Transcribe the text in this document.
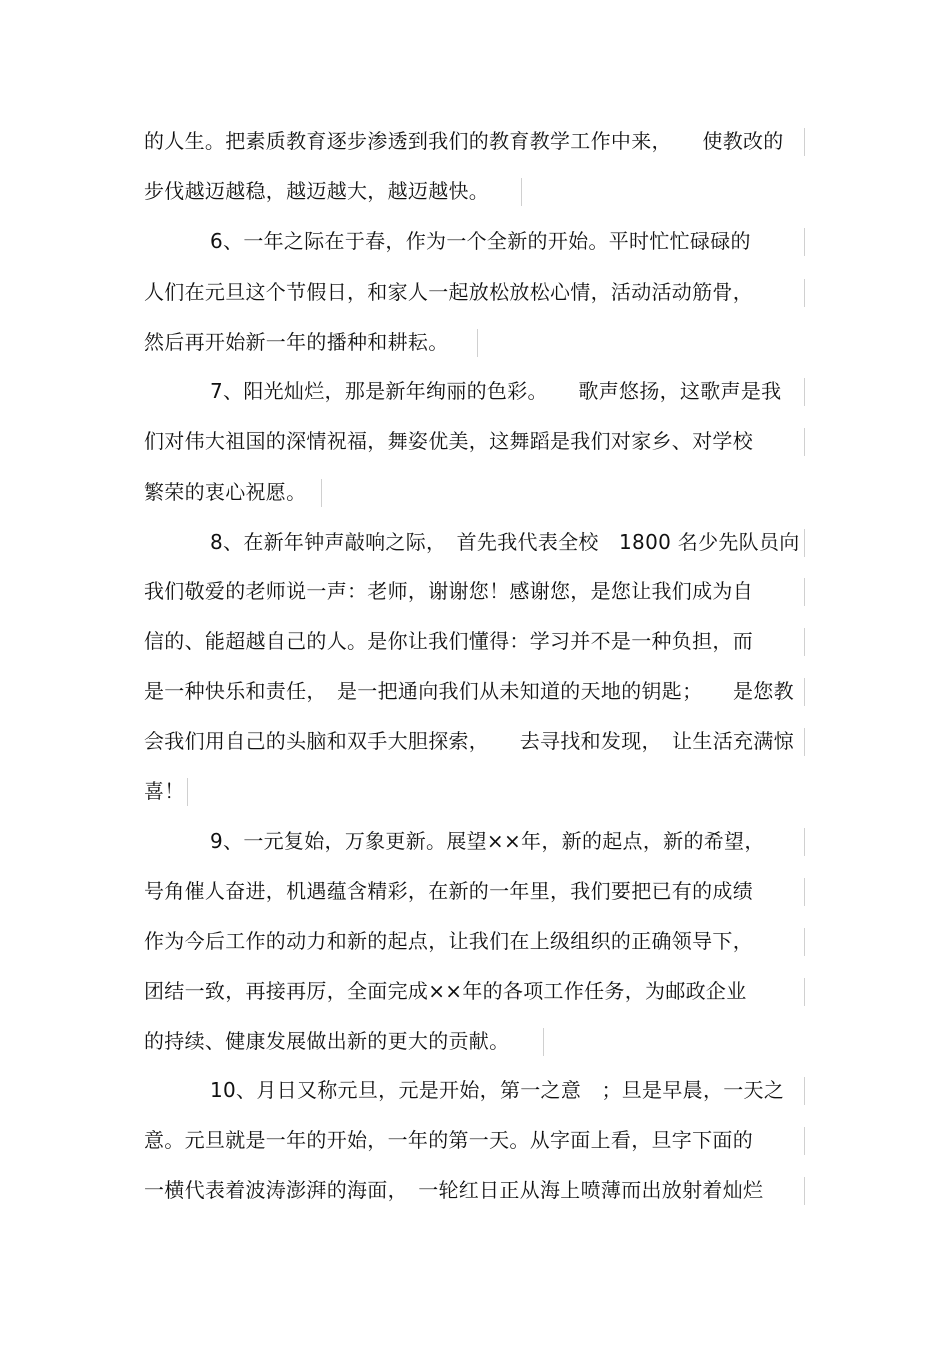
的人生。把素质教育逐步渗透到我们的教育教学工作中来，　　使教改的
步伐越迈越稳，越迈越大，越迈越快。
6、一年之际在于春，作为一个全新的开始。平时忙忙碌碌的
人们在元旦这个节假日，和家人一起放松放松心情，活动活动筋骨，
然后再开始新一年的播种和耕耘。
7、阳光灿烂，那是新年绚丽的色彩。　　歌声悠扬，这歌声是我
们对伟大祖国的深情祝福，舞姿优美，这舞蹈是我们对家乡、对学校
繁荣的衷心祝愿。
8、在新年钟声敲响之际，　首先我代表全校　1800 名少先队员向
我们敬爱的老师说一声：老师，谢谢您！感谢您，是您让我们成为自
信的、能超越自己的人。是你让我们懂得：学习并不是一种负担，而
是一种快乐和责任，　是一把通向我们从未知道的天地的钥匙；　　是您教
会我们用自己的头脑和双手大胆探索，　　去寻找和发现，　让生活充满惊
喜！
9、一元复始，万象更新。展望××年，新的起点，新的希望，
号角催人奋进，机遇蕴含精彩，在新的一年里，我们要把已有的成绩
作为今后工作的动力和新的起点，让我们在上级组织的正确领导下，
团结一致，再接再厉，全面完成××年的各项工作任务，为邮政企业
的持续、健康发展做出新的更大的贡献。
10、月日又称元旦，元是开始，第一之意　；旦是早晨，一天之
意。元旦就是一年的开始，一年的第一天。从字面上看，旦字下面的
一横代表着波涛澎湃的海面，　一轮红日正从海上喷薄而出放射着灿烂
